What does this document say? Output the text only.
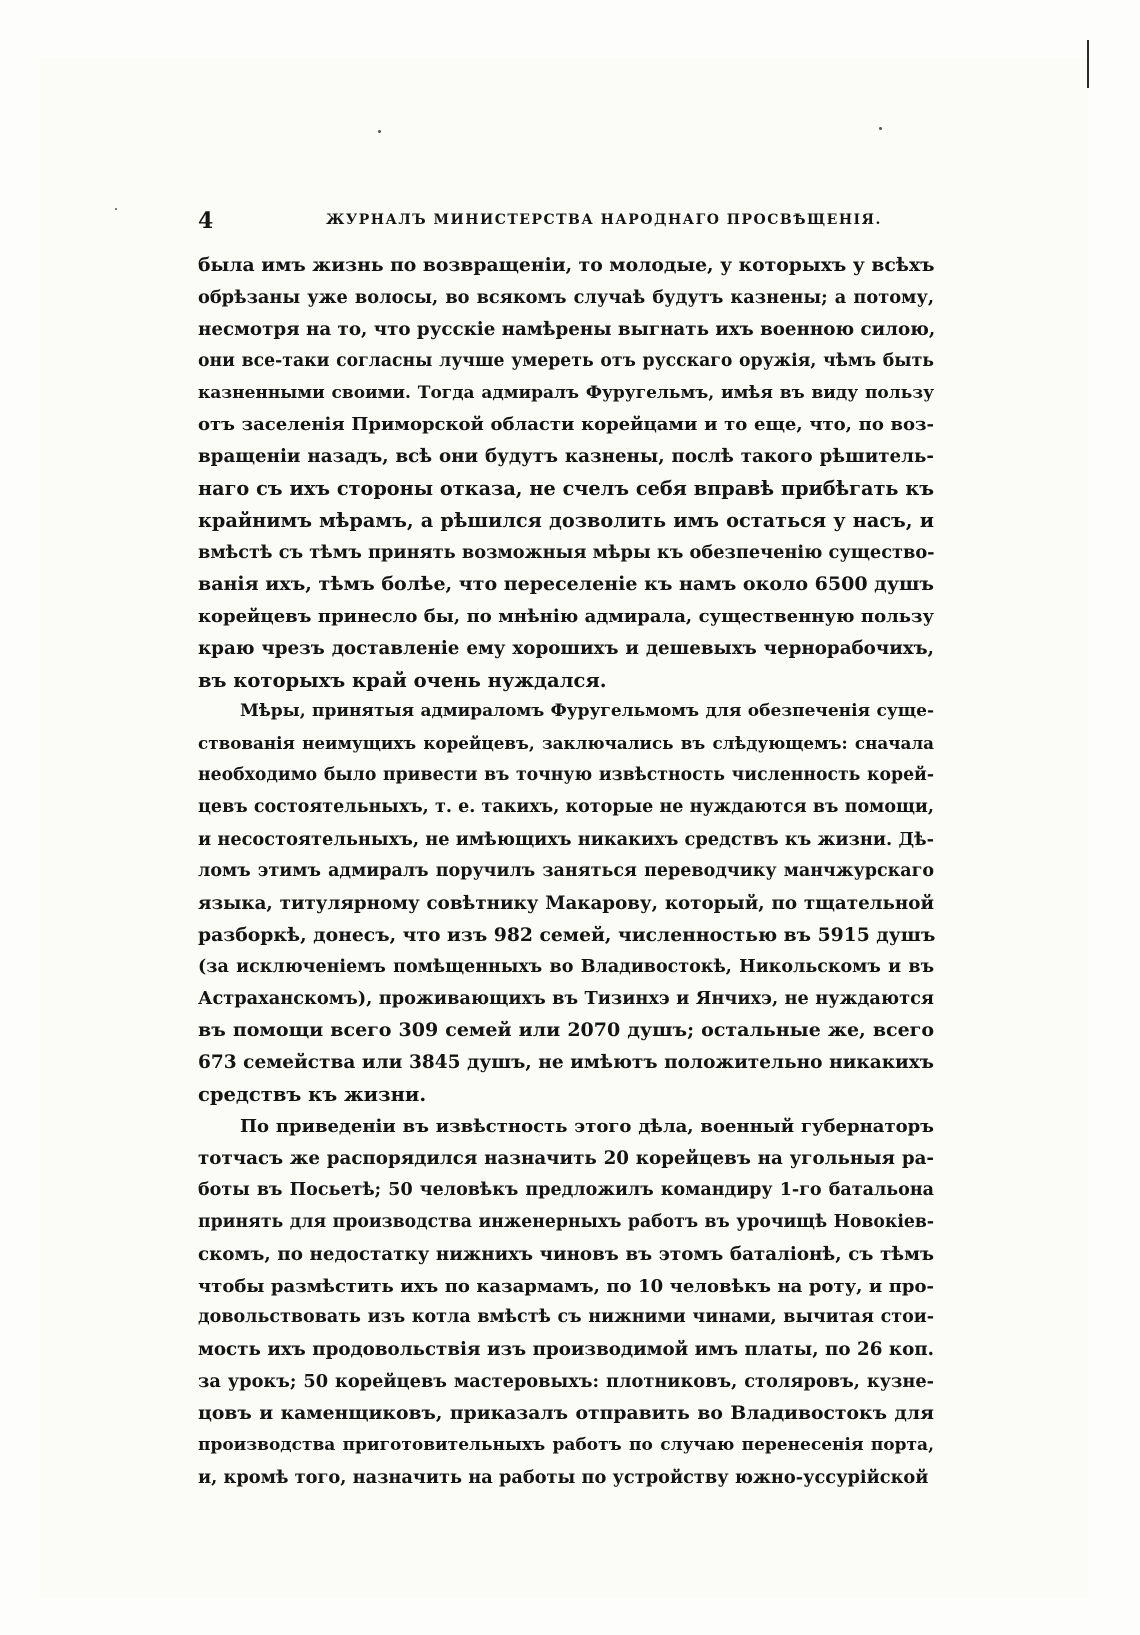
4	ЖУРНАЛЪ МИНИСТЕРСТВА НАРОДНАГО ПРОСВѢЩЕНІЯ.
была имъ жизнь по возвращеніи, то молодые, у которыхъ у всѣхъ
обрѣзаны уже волосы, во всякомъ случаѣ будутъ казнены; а потому,
несмотря на то, что русскіе намѣрены выгнать ихъ военною силою,
они все-таки согласны лучше умереть отъ русскаго оружія, чѣмъ быть
казненными своими. Тогда адмиралъ Фуругельмъ, имѣя въ виду пользу
отъ заселенія Приморской области корейцами и то еще, что, по воз-
вращеніи назадъ, всѣ они будутъ казнены, послѣ такого рѣшитель-
наго съ ихъ стороны отказа, не счелъ себя вправѣ прибѣгать къ
крайнимъ мѣрамъ, а рѣшился дозволить имъ остаться у насъ, и
вмѣстѣ съ тѣмъ принять возможныя мѣры къ обезпеченію существо-
ванія ихъ, тѣмъ болѣе, что переселеніе къ намъ около 6500 душъ
корейцевъ принесло бы, по мнѣнію адмирала, существенную пользу
краю чрезъ доставленіе ему хорошихъ и дешевыхъ чернорабочихъ,
въ которыхъ край очень нуждался.
Мѣры, принятыя адмираломъ Фуругельмомъ для обезпеченія суще-
ствованія неимущихъ корейцевъ, заключались въ слѣдующемъ: сначала
необходимо было привести въ точную извѣстность численность корей-
цевъ состоятельныхъ, т. е. такихъ, которые не нуждаются въ помощи,
и несостоятельныхъ, не имѣющихъ никакихъ средствъ къ жизни. Дѣ-
ломъ этимъ адмиралъ поручилъ заняться переводчику манчжурскаго
языка, титулярному совѣтнику Макарову, который, по тщательной
разборкѣ, донесъ, что изъ 982 семей, численностью въ 5915 душъ
(за исключеніемъ помѣщенныхъ во Владивостокѣ, Никольскомъ и въ
Астраханскомъ), проживающихъ въ Тизинхэ и Янчихэ, не нуждаются
въ помощи всего 309 семей или 2070 душъ; остальные же, всего
673 семейства или 3845 душъ, не имѣютъ положительно никакихъ
средствъ къ жизни.
По приведеніи въ извѣстность этого дѣла, военный губернаторъ
тотчасъ же распорядился назначить 20 корейцевъ на угольныя ра-
боты въ Посьетѣ; 50 человѣкъ предложилъ командиру 1-го батальона
принять для производства инженерныхъ работъ въ урочищѣ Новокіев-
скомъ, по недостатку нижнихъ чиновъ въ этомъ баталіонѣ, съ тѣмъ
чтобы размѣстить ихъ по казармамъ, по 10 человѣкъ на роту, и про-
довольствовать изъ котла вмѣстѣ съ нижними чинами, вычитая стои-
мость ихъ продовольствія изъ производимой имъ платы, по 26 коп.
за урокъ; 50 корейцевъ мастеровыхъ: плотниковъ, столяровъ, кузне-
цовъ и каменщиковъ, приказалъ отправить во Владивостокъ для
производства приготовительныхъ работъ по случаю перенесенія порта,
и, кромѣ того, назначить на работы по устройству южно-уссурійской
